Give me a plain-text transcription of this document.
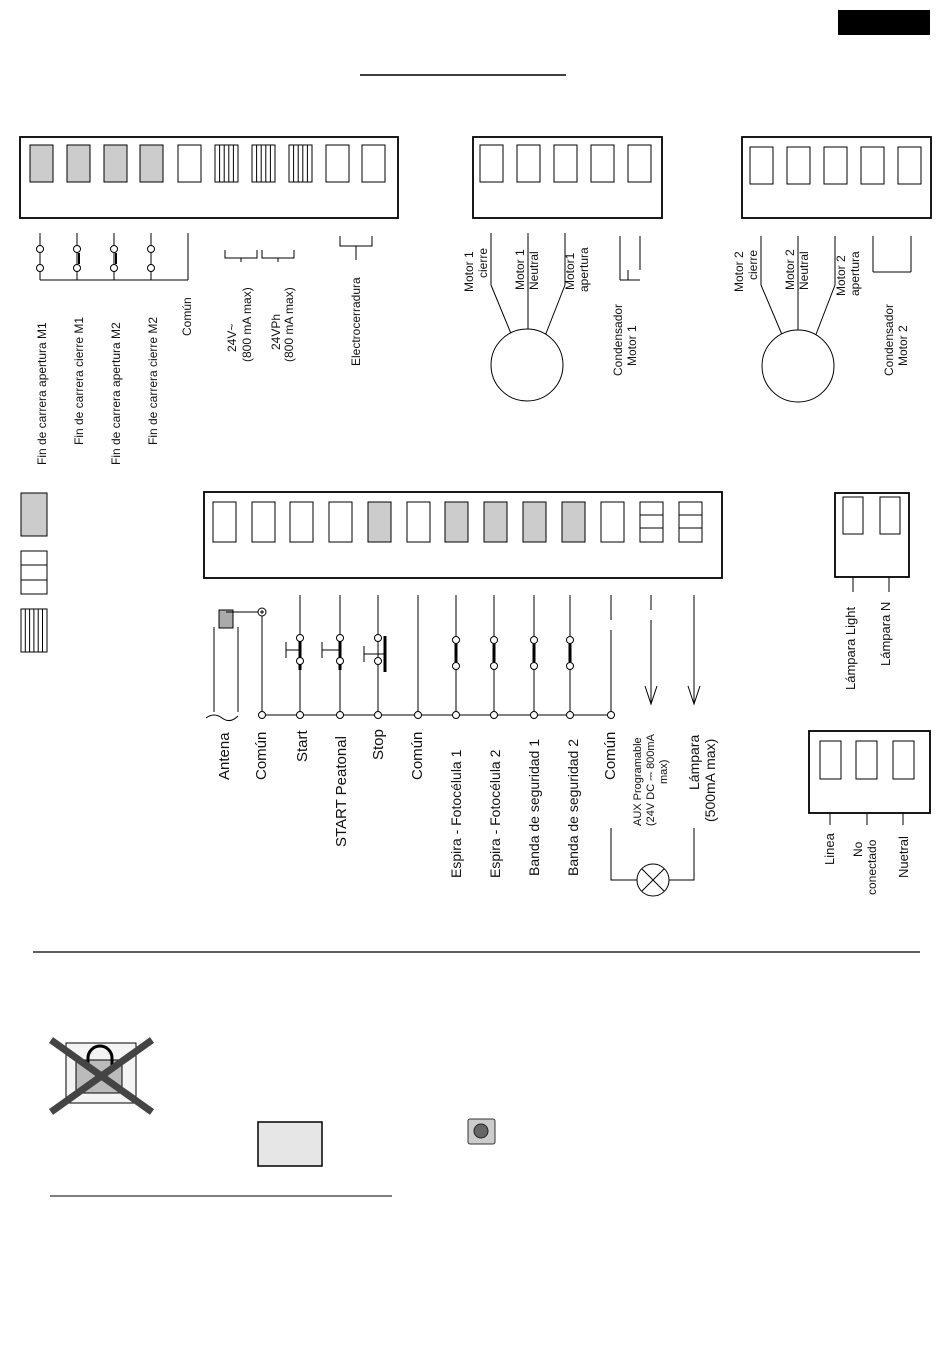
Fin de carrera apertura M1 Fin de carrera cierre M1 Fin de carrera apertura M2 Fin de carrera cierre M2
Común
24V~ (800 mA max) 24VPh (800 mA max)	Electrocerradura
Motor 1 cierre Motor 1 Neutral Motor1 apertura
Condensador Motor 1
Motor 2 cierre Motor 2 Neutral Motor 2 apertura
Condensador Motor 2
Antena Común Start START Peatonal Stop Común Espira - Fotocélula 1 Espira - Fotocélula 2 Banda de seguridad 1 Banda de seguridad 2 Común AUX Programable (24V DC ⎓ 800mA max) Lámpara (500mA max)
Lámpara Light Lámpara N
Linea No conectado Nuetral
